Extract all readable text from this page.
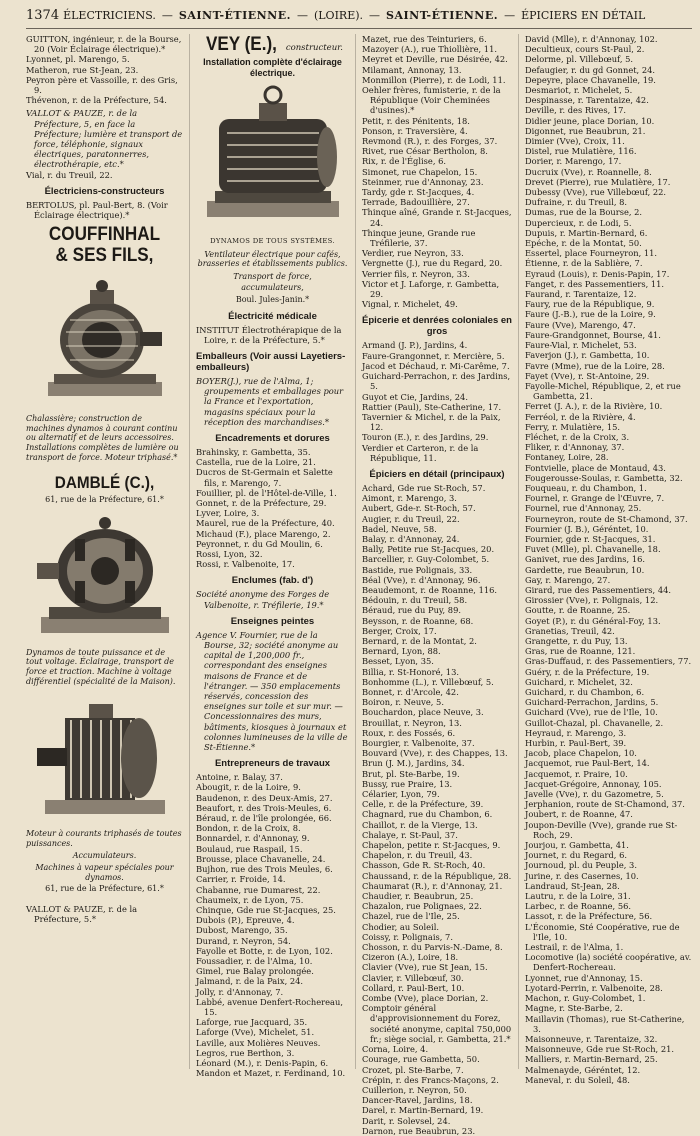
1374 ÉLECTRICIENS. — SAINT-ÉTIENNE. — (LOIRE). — SAINT-ÉTIENNE. — ÉPICIERS EN DÉTAIL

GUITTON, ingénieur, r. de la Bourse, 20 (Voir Éclairage électrique).*

Lyonnet, pl. Marengo, 5.

Matheron, rue St-Jean, 23.

Peyron père et Vassoille, r. des Gris, 9.

Thévenon, r. de la Préfecture, 54.

VALLOT & PAUZE, r. de la Préfecture, 5, en face la Préfecture; lumière et transport de force, téléphonie, signaux électriques, paratonnerres, électrothérapie, etc.*

Vial, r. du Treuil, 22.

Électriciens-constructeurs

BERTOLUS, pl. Paul-Bert, 8. (Voir Éclairage électrique).*

COUFFINHAL
& SES FILS,

Chalassière; construction de machines dynamos à courant continu ou alternatif et de leurs accessoires. Installations complètes de lumière ou transport de force. Moteur triphasé.*

DAMBLÉ (C.),

61, rue de la Préfecture, 61.*

Dynamos de toute puissance et de tout voltage. Éclairage, transport de force et traction. Machine à voltage différentiel (spécialité de la Maison).

Moteur à courants triphasés de toutes puissances.

Accumulateurs.

Machines à vapeur spéciales pour dynamos.

61, rue de la Préfecture, 61.*

VALLOT & PAUZE, r. de la Préfecture, 5.*

VEY (E.), constructeur.
Installation complète d'éclairage électrique.
DYNAMOS DE TOUS SYSTÈMES.

Ventilateur électrique pour cafés, brasseries et établissements publics.

Transport de force,

accumulateurs,

Boul. Jules-Janin.*

Électricité médicale

INSTITUT Électrothérapique de la Loire, r. de la Préfecture, 5.*

Emballeurs (Voir aussi Layetiers-emballeurs)

BOYER(J.), rue de l'Alma, 1; groupements et emballages pour la France et l'exportation, magasins spéciaux pour la réception des marchandises.*

Encadrements et dorures

Brahinsky, r. Gambetta, 35.

Castella, rue de la Loire, 21.

Ducros de St-Germain et Salette fils, r. Marengo, 7.

Fouillier, pl. de l'Hôtel-de-Ville, 1.

Gonnet, r. de la Préfecture, 29.

Lyver, Loire, 3.

Maurel, rue de la Préfecture, 40.

Michaud (F.), place Marengo, 2.

Peyronnet, r. du Gd Moulin, 6.

Rossi, Lyon, 32.

Rossi, r. Valbenoite, 17.

Enclumes (fab. d')

Société anonyme des Forges de Valbenoite, r. Tréfilerie, 19.*

Enseignes peintes

Agence V. Fournier, rue de la Bourse, 32; société anonyme au capital de 1,200,000 fr., correspondant des enseignes maisons de France et de l'étranger. — 350 emplacements réservés, concession des enseignes sur toile et sur mur. — Concessionnaires des murs, bâtiments, kiosques à journaux et colonnes lumineuses de la ville de St-Étienne.*

Entrepreneurs de travaux

Antoine, r. Balay, 37.

Abougit, r. de la Loire, 9.

Baudenon, r. des Deux-Amis, 27.

Beaufort, r. des Trois-Meules, 6.

Béraud, r. de l'île prolongée, 66.

Bondon, r. de la Croix, 8.

Bonnardel, r. d'Annonay, 9.

Boulaud, rue Raspail, 15.

Brousse, place Chavanelle, 24.

Bujhon, rue des Trois Meules, 6.

Carrier, r. Froide, 14.

Chabanne, rue Dumarest, 22.

Chaumeix, r. de Lyon, 75.

Chinque, Gde rue St-Jacques, 25.

Dubois (P.), Epreuve, 4.

Dubost, Marengo, 35.

Durand, r. Neyron, 54.

Fayolle et Botte, r. de Lyon, 102.

Foussadier, r. de l'Alma, 10.

Gimel, rue Balay prolongée.

Jalmand, r. de la Paix, 24.

Jolly, r. d'Annonay, 7.

Labbé, avenue Denfert-Rochereau, 15.

Laforge, rue Jacquard, 35.

Laforge (Vve), Michelet, 51.

Laville, aux Molières Neuves.

Legros, rue Berthon, 3.

Léonard (M.), r. Denis-Papin, 6.

Mandon et Mazet, r. Ferdinand, 10.

Mazet, rue des Teinturiers, 6.

Mazoyer (A.), rue Thiollière, 11.

Meyret et Deville, rue Désirée, 42.

Milamant, Annonay, 13.

Monmillon (Pierre), r. de Lodi, 11.

Oehler frères, fumisterie, r. de la République (Voir Cheminées d'usines).*

Petit, r. des Pénitents, 18.

Ponson, r. Traversière, 4.

Revmond (R.), r. des Forges, 37.

Rivet, rue César Bertholon, 8.

Rix, r. de l'Église, 6.

Simonet, rue Chapelon, 15.

Steinmer, rue d'Annonay, 23.

Tardy, gde r. St-Jacques, 4.

Terrade, Badouillière, 27.

Thinque aîné, Grande r. St-Jacques, 24.

Thinque jeune, Grande rue Tréfilerie, 37.

Verdier, rue Neyron, 33.

Vergnette (J.), rue du Regard, 20.

Verrier fils, r. Neyron, 33.

Victor et J. Laforge, r. Gambetta, 29.

Vignal, r. Michelet, 49.

Épicerie et denrées coloniales en gros

Armand (J. P.), Jardins, 4.

Faure-Grangonnet, r. Mercière, 5.

Jacod et Déchaud, r. Mi-Carême, 7.

Guichard-Perrachon, r. des Jardins, 5.

Guyot et Cie, Jardins, 24.

Rattier (Paul), Ste-Catherine, 17.

Tavernier & Michel, r. de la Paix, 12.

Touron (E.), r. des Jardins, 29.

Verdier et Carteron, r. de la République, 11.

Épiciers en détail (principaux)

Achard, Gde rue St-Roch, 57.

Aimont, r. Marengo, 3.

Aubert, Gde-r. St-Roch, 57.

Augier, r. du Treuil, 22.

Badel, Neuve, 58.

Balay, r. d'Annonay, 24.

Bally, Petite rue St-Jacques, 20.

Barcellier, r. Guy-Colombet, 5.

Bastide, rue Polignais, 33.

Béal (Vve), r. d'Annonay, 96.

Beaudemont, r. de Roanne, 116.

Bédouin, r. du Treuil, 58.

Béraud, rue du Puy, 89.

Beysson, r. de Roanne, 68.

Berger, Croix, 17.

Bernard, r. de la Montat, 2.

Bernard, Lyon, 88.

Besset, Lyon, 35.

Billia, r. St-Honoré, 13.

Bonhomme (L.), r. Villebœuf, 5.

Bonnet, r. d'Arcole, 42.

Boiron, r. Neuve, 5.

Bouchardon, place Neuve, 3.

Brouillat, r. Neyron, 13.

Roux, r. des Fossés, 6.

Bourgier, r. Valbenoite, 37.

Bouvard (Vve), r. des Chappes, 13.

Brun (J. M.), Jardins, 34.

Brut, pl. Ste-Barbe, 19.

Bussy, rue Praire, 13.

Célarier, Lyon, 79.

Celle, r. de la Préfecture, 39.

Chagnard, rue du Chambon, 6.

Chaillot, r. de la Vierge, 13.

Chalaye, r. St-Paul, 37.

Chapelon, petite r. St-Jacques, 9.

Chapelon, r. du Treuil, 43.

Chasson, Gde R. St-Roch, 40.

Chaussand, r. de la République, 28.

Chaumarat (R.), r. d'Annonay, 21.

Chaudier, r. Beaubrun, 25.

Chazalon, rue Polignaes, 22.

Chazel, rue de l'Ile, 25.

Chodier, au Soleil.

Coissy, r. Polignais, 7.

Chosson, r. du Parvis-N.-Dame, 8.

Cizeron (A.), Loire, 18.

Clavier (Vve), rue St Jean, 15.

Clavier, r. Villebœuf, 30.

Collard, r. Paul-Bert, 10.

Combe (Vve), place Dorian, 2.

Comptoir général d'approvisionnement du Forez, société anonyme, capital 750,000 fr.; siège social, r. Gambetta, 21.*

Corna, Loire, 4.

Courage, rue Gambetta, 50.

Crozet, pl. Ste-Barbe, 7.

Crépin, r. des Francs-Maçons, 2.

Cuillerion, r. Neyron, 50.

Dancer-Ravel, Jardins, 18.

Darel, r. Martin-Bernard, 19.

Darit, r. Solevsel, 24.

Darnon, rue Beaubrun, 23.

David (Mlle), r. d'Annonay, 102.

Decultieux, cours St-Paul, 2.

Delorme, pl. Villebœuf, 5.

Defaugier, r. du gd Gonnet, 24.

Depeyre, place Chavanelle, 19.

Desmariot, r. Michelet, 5.

Despinasse, r. Tarentaize, 42.

Deville, r. des Rives, 17.

Didier jeune, place Dorian, 10.

Digonnet, rue Beaubrun, 21.

Dimier (Vve), Croix, 11.

Distel, rue Mulatière, 116.

Dorier, r. Marengo, 17.

Ducruix (Vve), r. Roannelle, 8.

Drevet (Pierre), rue Mulatière, 17.

Dubessy (Vve), rue Villebœuf, 22.

Dufraine, r. du Treuil, 8.

Dumas, rue de la Bourse, 2.

Dupercieux, r. de Lodi, 5.

Dupuis, r. Martin-Bernard, 6.

Epéche, r. de la Montat, 50.

Essertel, place Fourneyron, 11.

Étienne, r. de la Sablière, 7.

Eyraud (Louis), r. Denis-Papin, 17.

Fanget, r. des Passementiers, 11.

Faurand, r. Tarentaize, 12.

Faury, rue de la République, 9.

Faure (J.-B.), rue de la Loire, 9.

Faure (Vve), Marengo, 47.

Faure-Grandgonnet, Bourse, 41.

Faure-Vial, r. Michelet, 53.

Faverjon (J.), r. Gambetta, 10.

Favre (Mme), rue de la Loire, 28.

Fayet (Vve), r. St-Antoine, 29.

Fayolle-Michel, République, 2, et rue Gambetta, 21.

Ferret (J. A.), r. de la Rivière, 10.

Ferréol, r. de la Rivière, 4.

Ferry, r. Mulatière, 15.

Fléchet, r. de la Croix, 3.

Fliker, r. d'Annonay, 37.

Fontaney, Loire, 28.

Fontvielle, place de Montaud, 43.

Fougerousse-Soulas, r. Gambetta, 32.

Fouqueau, r. du Chambon, 1.

Fournel, r. Grange de l'Œuvre, 7.

Fournel, rue d'Annonay, 25.

Fourneyron, route de St-Chamond, 37.

Fournier (J. B.), Géréntet, 10.

Fournier, gde r. St-Jacques, 31.

Fuvet (Mlle), pl. Chavanelle, 18.

Ganivet, rue des Jardins, 16.

Gardette, rue Beaubrun, 10.

Gay, r. Marengo, 27.

Girard, rue des Passementiers, 44.

Girossier (Vve), r. Polignais, 12.

Goutte, r. de Roanne, 25.

Goyet (P.), r. du Général-Foy, 13.

Granetias, Treuil, 42.

Grangette, r. du Puy, 13.

Gras, rue de Roanne, 121.

Gras-Duffaud, r. des Passementiers, 77.

Guéry, r. de la Préfecture, 19.

Guichard, r. Michelet, 32.

Guichard, r. du Chambon, 6.

Guichard-Perrachon, Jardins, 5.

Guichard (Vve), rue de l'Ile, 10.

Guillot-Chazal, pl. Chavanelle, 2.

Heyraud, r. Marengo, 3.

Hurbin, r. Paul-Bert, 39.

Jacob, place Chapelon, 10.

Jacquemot, rue Paul-Bert, 14.

Jacquemot, r. Praire, 10.

Jacquet-Grégoire, Annonay, 105.

Javelle (Vve), r. du Gazometre, 5.

Jerphanion, route de St-Chamond, 37.

Joubert, r. de Roanne, 47.

Joupon-Deville (Vve), grande rue St-Roch, 29.

Jourjou, r. Gambetta, 41.

Journet, r. du Regard, 6.

Journoud, pl. du Peuple, 3.

Jurine, r. des Casernes, 10.

Landraud, St-Jean, 28.

Lautru, r. de la Loire, 31.

Larbec, r. de Roanne, 56.

Lassot, r. de la Préfecture, 56.

L'Économie, Sté Coopérative, rue de l'Ile, 10.

Lestrail, r. de l'Alma, 1.

Locomotive (la) société coopérative, av. Denfert-Rochereau.

Lyonnet, rue d'Annonay, 15.

Lyotard-Perrin, r. Valbenoite, 28.

Machon, r. Guy-Colombet, 1.

Magne, r. Ste-Barbe, 2.

Maillavin (Thomas), rue St-Catherine, 3.

Maisonneuve, r. Tarentaize, 32.

Maisonneuve, Gde rue St-Roch, 21.

Malliers, r. Martin-Bernard, 25.

Malmenayde, Géréntet, 12.

Maneval, r. du Soleil, 48.
